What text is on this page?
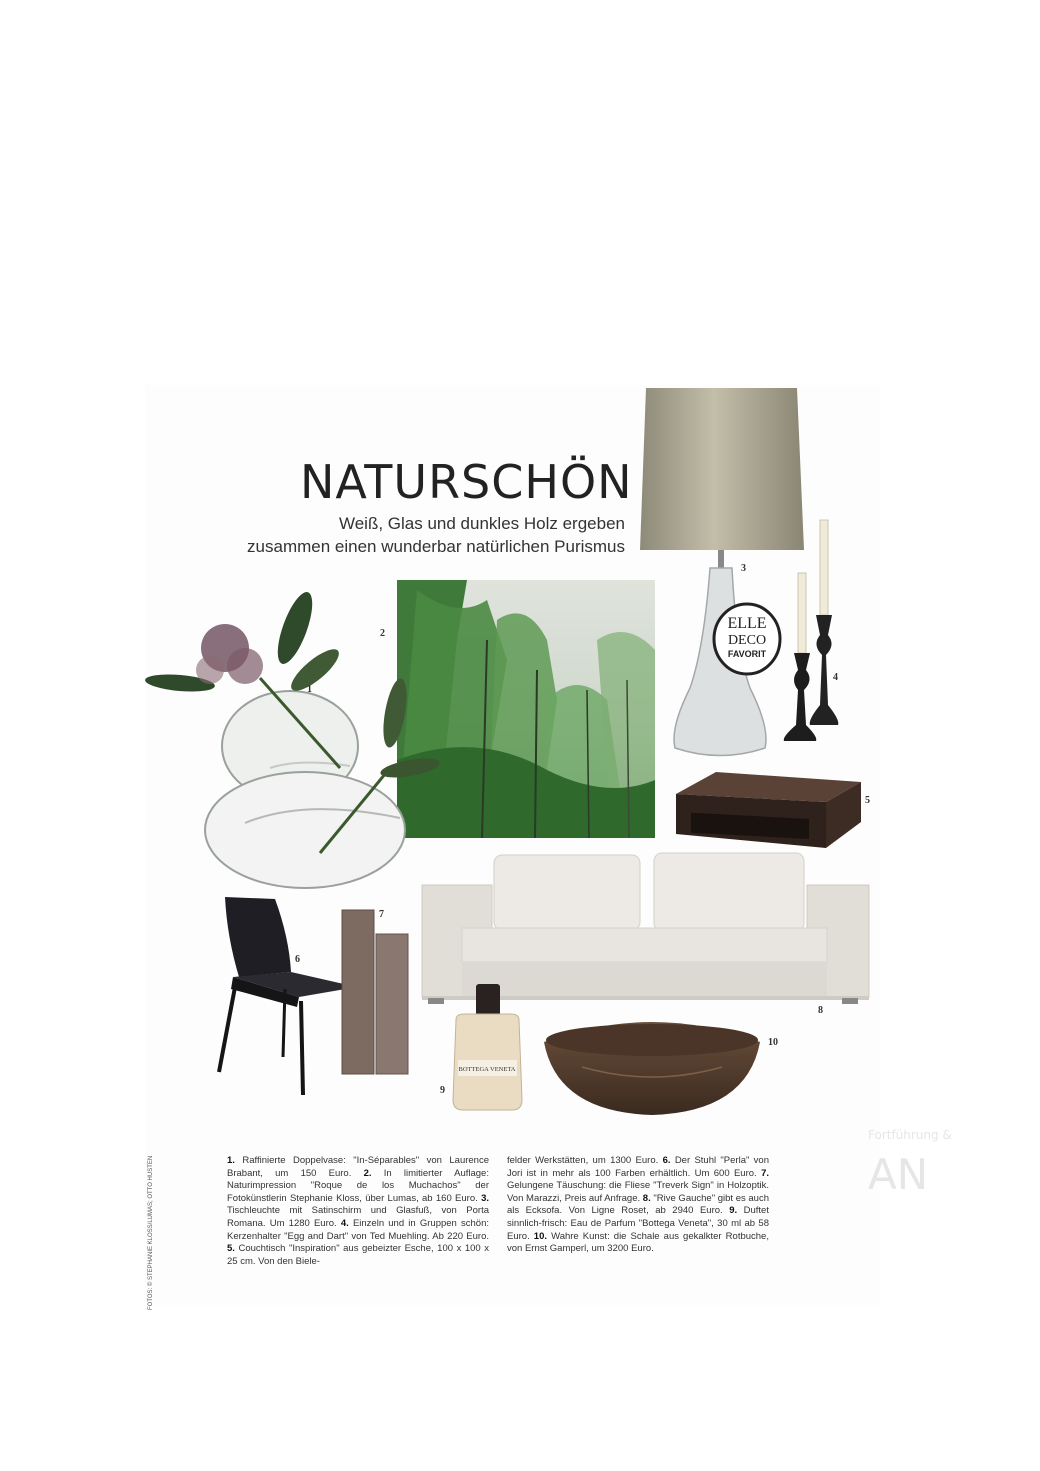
Fortführung &
AN
NATURSCHÖN
Weiß, Glas und dunkles Holz ergeben
zusammen einen wunderbar natürlichen Purismus
ELLE
DECO
FAVORIT
BOTTEGA VENETA
2
1
3
4
5
6
7
8
9
10
1. Raffinierte Doppelvase: "In-Séparables" von Laurence Brabant, um 150 Euro. 2. In limitierter Auflage: Naturimpression "Roque de los Muchachos" der Fotokünstlerin Stephanie Kloss, über Lumas, ab 160 Euro. 3. Tischleuchte mit Satinschirm und Glasfuß, von Porta Romana. Um 1280 Euro. 4. Einzeln und in Gruppen schön: Kerzenhalter "Egg and Dart" von Ted Muehling. Ab 220 Euro. 5. Couchtisch "Inspiration" aus gebeizter Esche, 100 x 100 x 25 cm. Von den Biele-
felder Werkstätten, um 1300 Euro. 6. Der Stuhl "Perla" von Jori ist in mehr als 100 Farben erhältlich. Um 600 Euro. 7. Gelungene Täuschung: die Fliese "Treverk Sign" in Holzoptik. Von Marazzi, Preis auf Anfrage. 8. "Rive Gauche" gibt es auch als Ecksofa. Von Ligne Roset, ab 2940 Euro. 9. Duftet sinnlich-frisch: Eau de Parfum "Bottega Veneta", 30 ml ab 58 Euro. 10. Wahre Kunst: die Schale aus gekalkter Rotbuche, von Ernst Gamperl, um 3200 Euro.
FOTOS: © STEPHANIE KLOSS/LUMAS; OTTO HUSTEN
